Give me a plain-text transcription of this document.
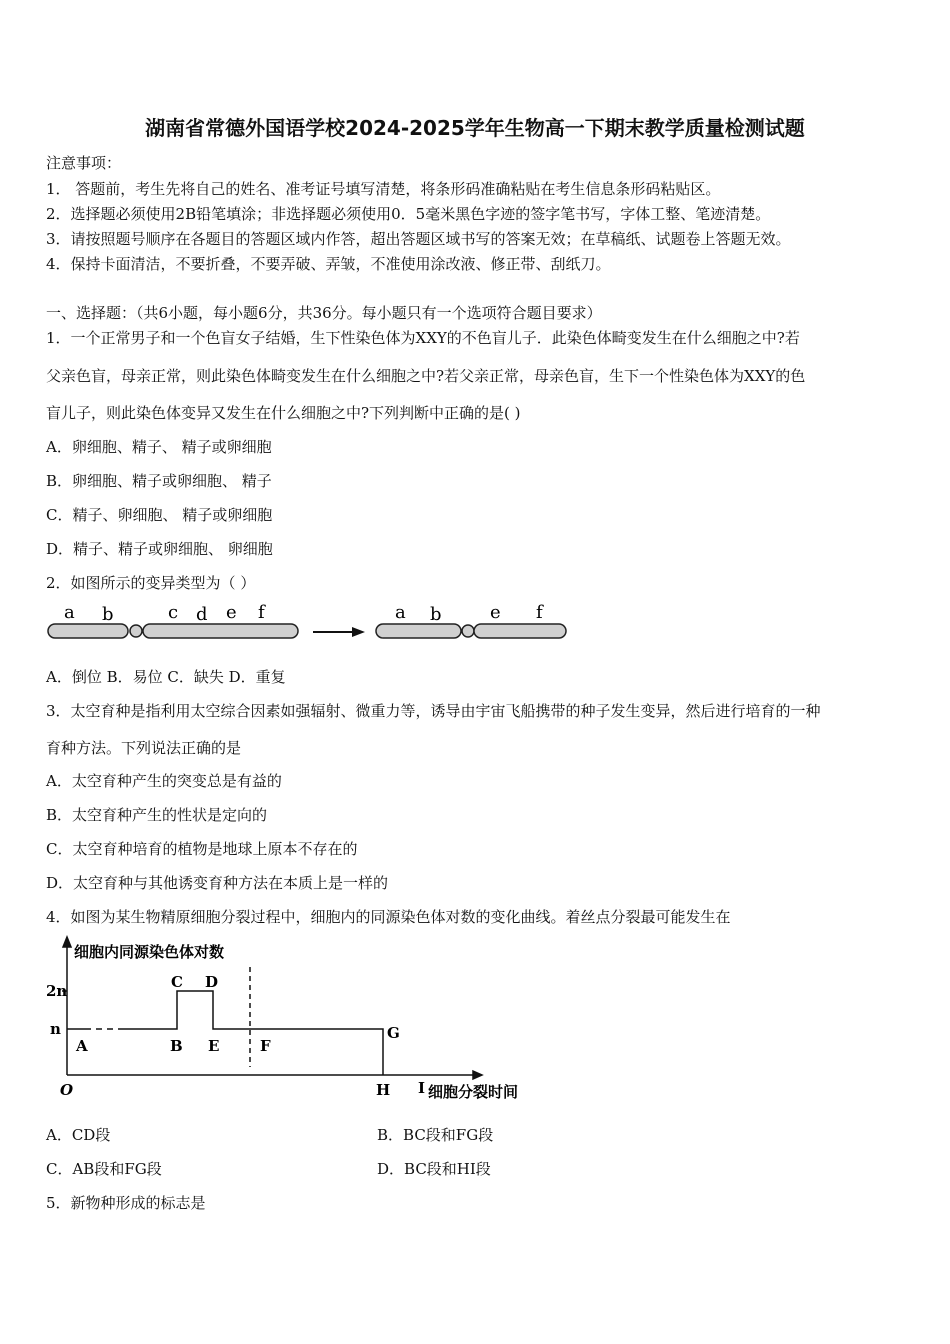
湖南省常德外国语学校2024-2025学年生物高一下期末教学质量检测试题
注意事项：
1． 答题前，考生先将自己的姓名、准考证号填写清楚，将条形码准确粘贴在考生信息条形码粘贴区。
2．选择题必须使用2B铅笔填涂；非选择题必须使用0．5毫米黑色字迹的签字笔书写，字体工整、笔迹清楚。
3．请按照题号顺序在各题目的答题区域内作答，超出答题区域书写的答案无效；在草稿纸、试题卷上答题无效。
4．保持卡面清洁，不要折叠，不要弄破、弄皱，不准使用涂改液、修正带、刮纸刀。
一、选择题：（共6小题，每小题6分，共36分。每小题只有一个选项符合题目要求）
1．一个正常男子和一个色盲女子结婚，生下性染色体为XXY的不色盲儿子．此染色体畸变发生在什么细胞之中?若
父亲色盲，母亲正常，则此染色体畸变发生在什么细胞之中?若父亲正常，母亲色盲，生下一个性染色体为XXY的色
盲儿子，则此染色体变异又发生在什么细胞之中?下列判断中正确的是( )
A．卵细胞、精子、 精子或卵细胞
B．卵细胞、精子或卵细胞、 精子
C．精子、卵细胞、 精子或卵细胞
D．精子、精子或卵细胞、 卵细胞
2．如图所示的变异类型为（ ）
a b	c d e f	a b	e f
A．倒位 B．易位 C．缺失 D．重复
3．太空育种是指利用太空综合因素如强辐射、微重力等，诱导由宇宙飞船携带的种子发生变异，然后进行培育的一种
育种方法。下列说法正确的是
A．太空育种产生的突变总是有益的
B．太空育种产生的性状是定向的
C．太空育种培育的植物是地球上原本不存在的
D．太空育种与其他诱变育种方法在本质上是一样的
4．如图为某生物精原细胞分裂过程中，细胞内的同源染色体对数的变化曲线。着丝点分裂最可能发生在
细胞内同源染色体对数
2n
n
A	B
C D
E	F
G
H
O	I 细胞分裂时间
A．CD段	B．BC段和FG段
C．AB段和FG段	D．BC段和HI段
5．新物种形成的标志是
